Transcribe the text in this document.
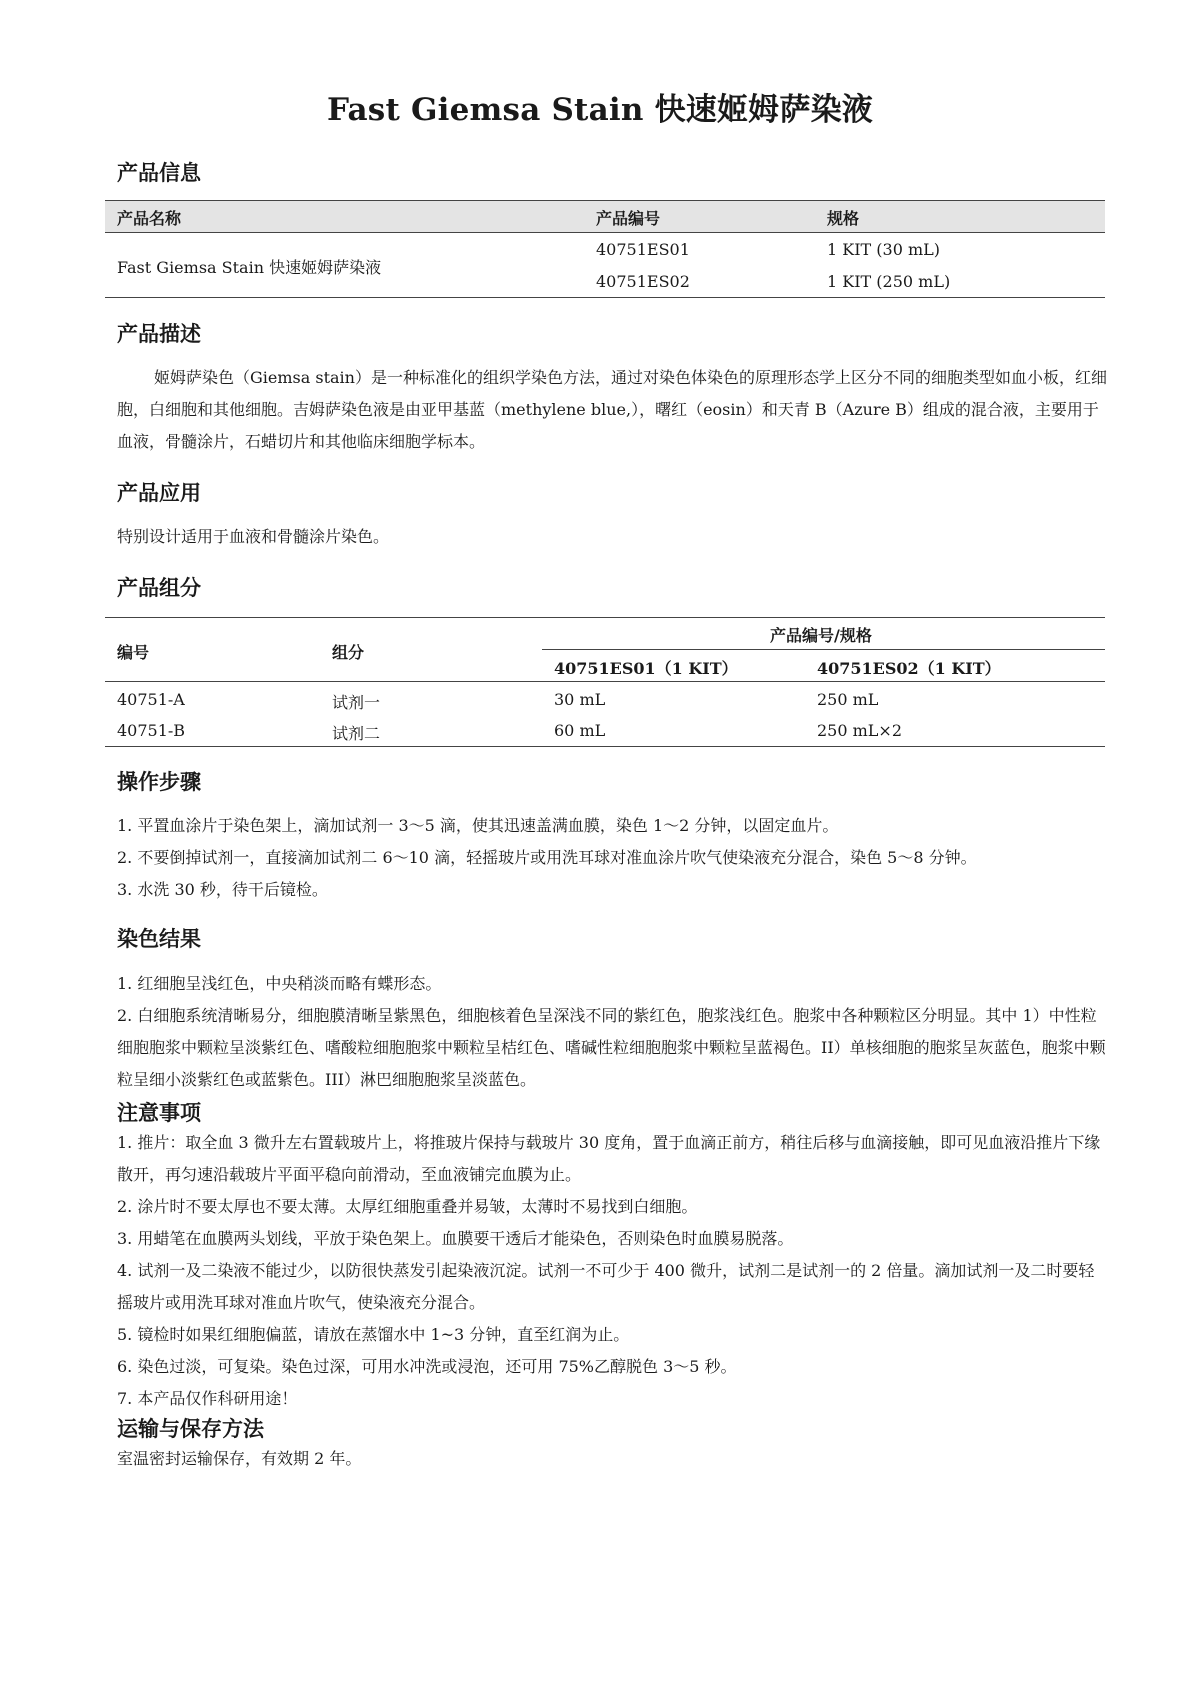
Fast Giemsa Stain 快速姬姆萨染液
产品信息
产品名称	产品编号	规格
Fast Giemsa Stain 快速姬姆萨染液
40751ES01	1 KIT (30 mL)
40751ES02	1 KIT (250 mL)
产品描述
姬姆萨染色（Giemsa stain）是一种标准化的组织学染色方法，通过对染色体染色的原理形态学上区分不同的细胞类型如血小板，红细胞，白细胞和其他细胞。吉姆萨染色液是由亚甲基蓝（methylene blue,），曙红（eosin）和天青 B（Azure B）组成的混合液，主要用于血液，骨髓涂片，石蜡切片和其他临床细胞学标本。
产品应用
特别设计适用于血液和骨髓涂片染色。
产品组分
编号	组分
产品编号/规格
40751ES01（1 KIT）	40751ES02（1 KIT）
40751-A	试剂一	30 mL	250 mL
40751-B	试剂二	60 mL	250 mL×2
操作步骤
1. 平置血涂片于染色架上，滴加试剂一 3～5 滴，使其迅速盖满血膜，染色 1～2 分钟，以固定血片。
2. 不要倒掉试剂一，直接滴加试剂二 6～10 滴，轻摇玻片或用洗耳球对准血涂片吹气使染液充分混合，染色 5～8 分钟。
3. 水洗 30 秒，待干后镜检。
染色结果
1. 红细胞呈浅红色，中央稍淡而略有蝶形态。
2. 白细胞系统清晰易分，细胞膜清晰呈紫黑色，细胞核着色呈深浅不同的紫红色，胞浆浅红色。胞浆中各种颗粒区分明显。其中 1）中性粒细胞胞浆中颗粒呈淡紫红色、嗜酸粒细胞胞浆中颗粒呈桔红色、嗜碱性粒细胞胞浆中颗粒呈蓝褐色。II）单核细胞的胞浆呈灰蓝色，胞浆中颗粒呈细小淡紫红色或蓝紫色。III）淋巴细胞胞浆呈淡蓝色。
注意事项
1. 推片：取全血 3 微升左右置载玻片上，将推玻片保持与载玻片 30 度角，置于血滴正前方，稍往后移与血滴接触，即可见血液沿推片下缘散开，再匀速沿载玻片平面平稳向前滑动，至血液铺完血膜为止。
2. 涂片时不要太厚也不要太薄。太厚红细胞重叠并易皱，太薄时不易找到白细胞。
3. 用蜡笔在血膜两头划线，平放于染色架上。血膜要干透后才能染色，否则染色时血膜易脱落。
4. 试剂一及二染液不能过少，以防很快蒸发引起染液沉淀。试剂一不可少于 400 微升，试剂二是试剂一的 2 倍量。滴加试剂一及二时要轻摇玻片或用洗耳球对准血片吹气，使染液充分混合。
5. 镜检时如果红细胞偏蓝，请放在蒸馏水中 1~3 分钟，直至红润为止。
6. 染色过淡，可复染。染色过深，可用水冲洗或浸泡，还可用 75%乙醇脱色 3～5 秒。
7. 本产品仅作科研用途！
运输与保存方法
室温密封运输保存，有效期 2 年。
